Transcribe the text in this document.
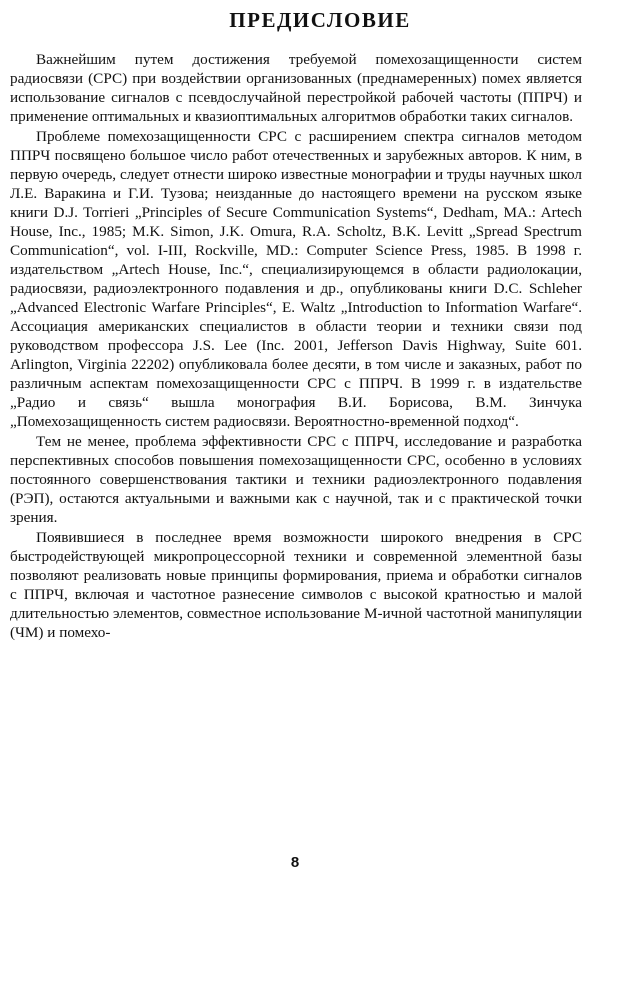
ПРЕДИСЛОВИЕ

Важнейшим путем достижения требуемой помехозащищенности систем радиосвязи (СРС) при воздействии организованных (преднамеренных) помех является использование сигналов с псевдослучайной перестройкой рабочей частоты (ППРЧ) и применение оптимальных и квазиоптимальных алгоритмов обработки таких сигналов.

Проблеме помехозащищенности СРС с расширением спектра сигналов методом ППРЧ посвящено большое число работ отечественных и зарубежных авторов. К ним, в первую очередь, следует отнести широко известные монографии и труды научных школ Л.Е. Варакина и Г.И. Тузова; неизданные до настоящего времени на русском языке книги D.J. Torrieri „Principles of Secure Communication Systems“, Dedham, MA.: Artech House, Inc., 1985; M.K. Simon, J.K. Omura, R.A. Scholtz, B.K. Levitt „Spread Spectrum Communication“, vol. I-III, Rockville, MD.: Computer Science Press, 1985. В 1998 г. издательством „Artech House, Inc.“, специализирующемся в области радиолокации, радиосвязи, радиоэлектронного подавления и др., опубликованы книги D.C. Schleher „Advanced Electronic Warfare Principles“, E. Waltz „Introduction to Information Warfare“. Ассоциация американских специалистов в области теории и техники связи под руководством профессора J.S. Lee (Inc. 2001, Jefferson Davis Highway, Suite 601. Arlington, Virginia 22202) опубликовала более десяти, в том числе и заказных, работ по различным аспектам помехозащищенности СРС с ППРЧ. В 1999 г. в издательстве „Радио и связь“ вышла монография В.И. Борисова, В.М. Зинчука „Помехозащищенность систем радиосвязи. Вероятностно-временной подход“.

Тем не менее, проблема эффективности СРС с ППРЧ, исследование и разработка перспективных способов повышения помехозащищенности СРС, особенно в условиях постоянного совершенствования тактики и техники радиоэлектронного подавления (РЭП), остаются актуальными и важными как с научной, так и с практической точки зрения.

Появившиеся в последнее время возможности широкого внедрения в СРС быстродействующей микропроцессорной техники и современной элементной базы позволяют реализовать новые принципы формирования, приема и обработки сигналов с ППРЧ, включая и частотное разнесение символов с высокой кратностью и малой длительностью элементов, совместное использование M-ичной частотной манипуляции (ЧМ) и помехо-

8
